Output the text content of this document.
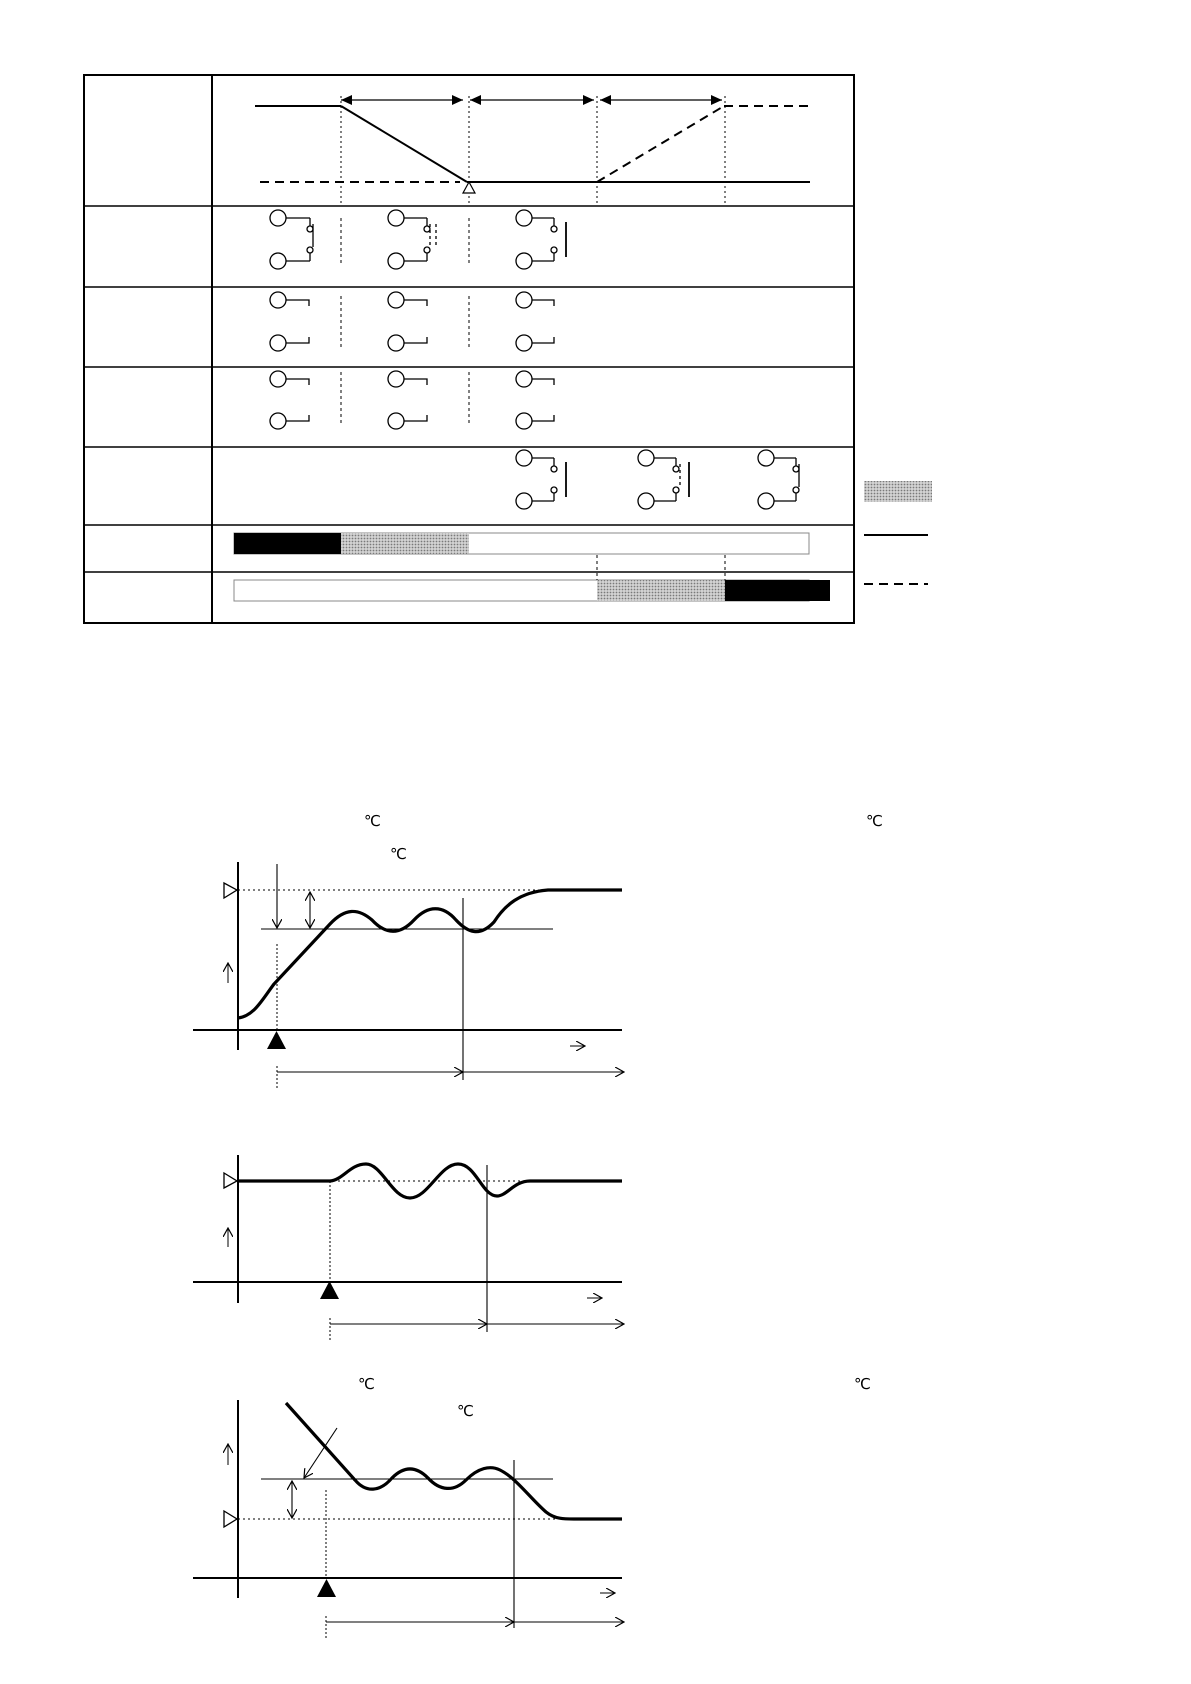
℃	℃
℃
℃	℃
℃
